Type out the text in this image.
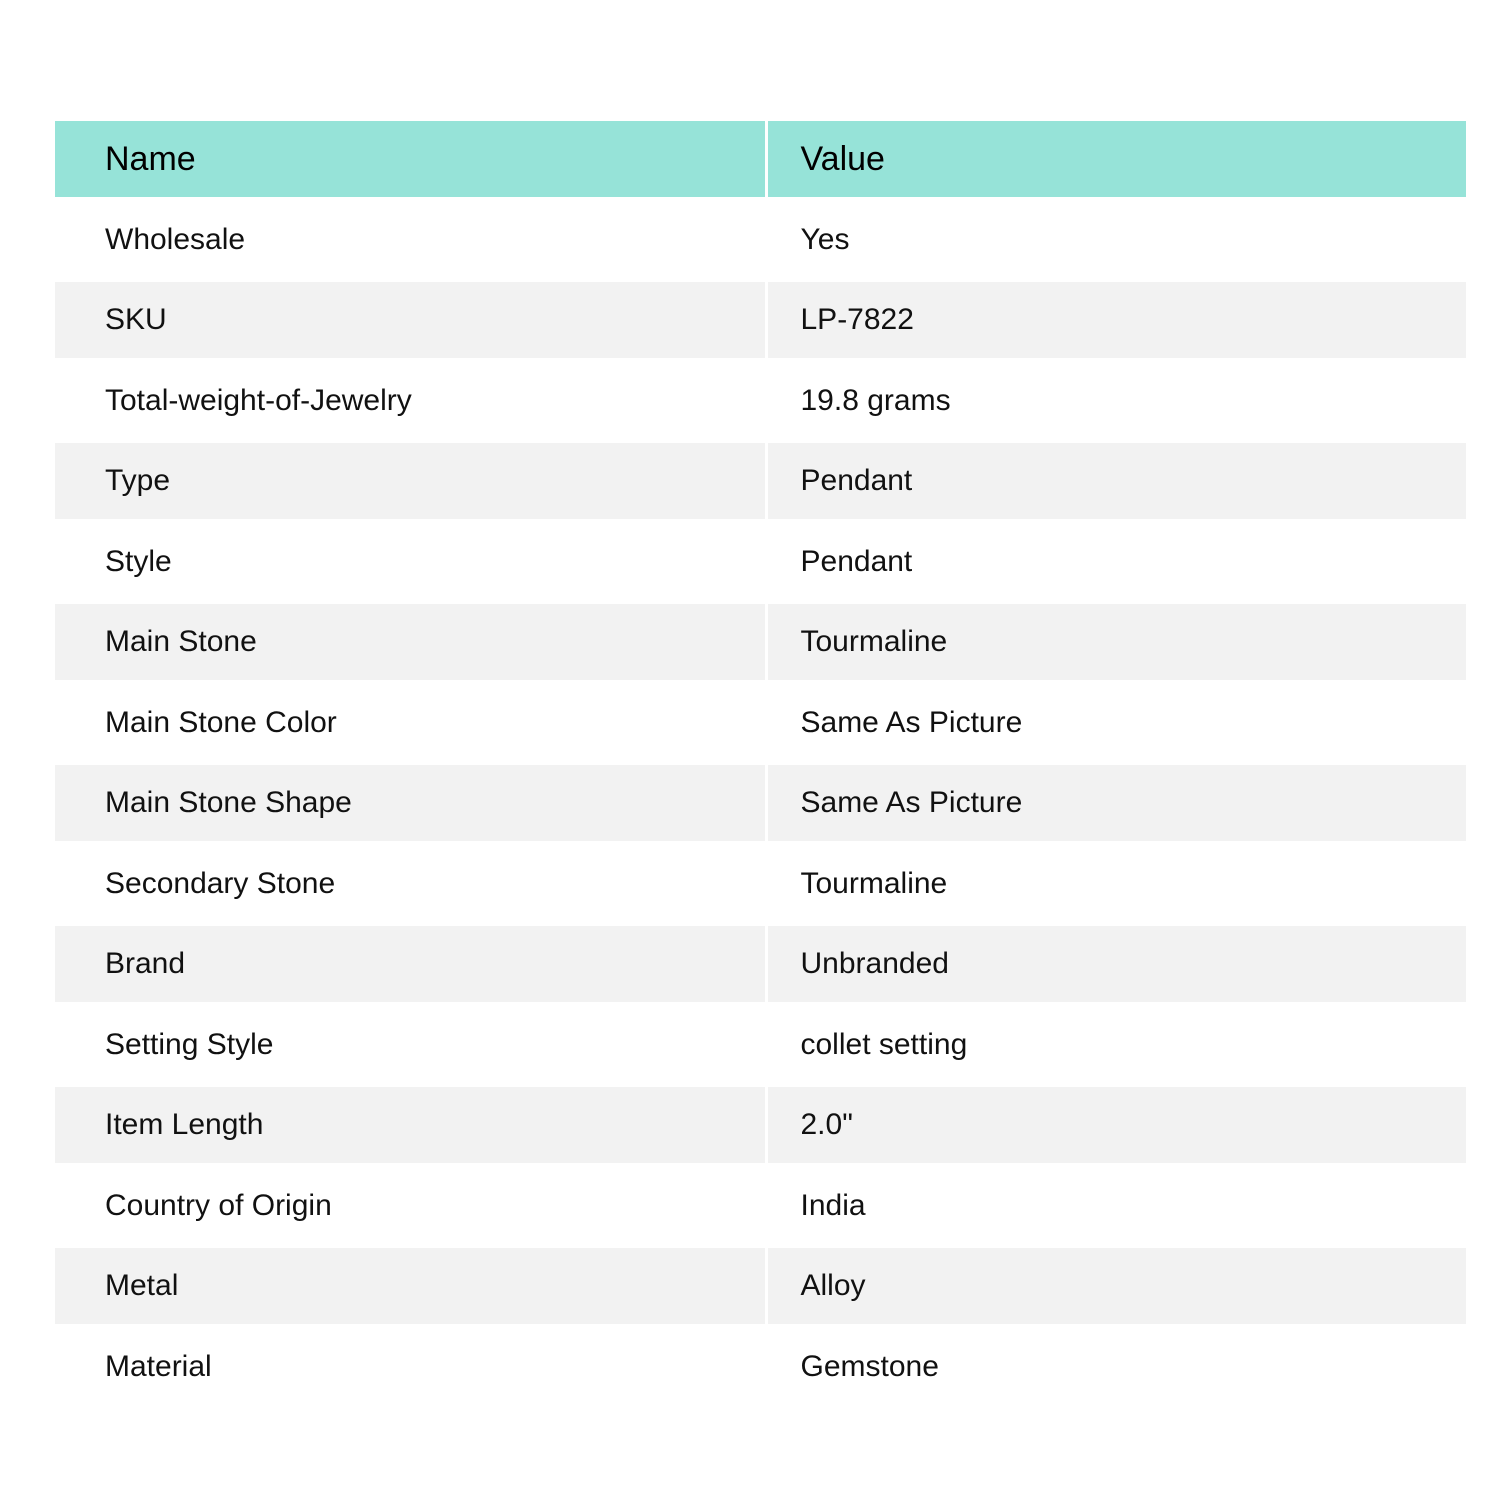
Name	Value
Wholesale	Yes
SKU	LP-7822
Total-weight-of-Jewelry	19.8 grams
Type	Pendant
Style	Pendant
Main Stone	Tourmaline
Main Stone Color	Same As Picture
Main Stone Shape	Same As Picture
Secondary Stone	Tourmaline
Brand	Unbranded
Setting Style	collet setting
Item Length	2.0"
Country of Origin	India
Metal	Alloy
Material	Gemstone
